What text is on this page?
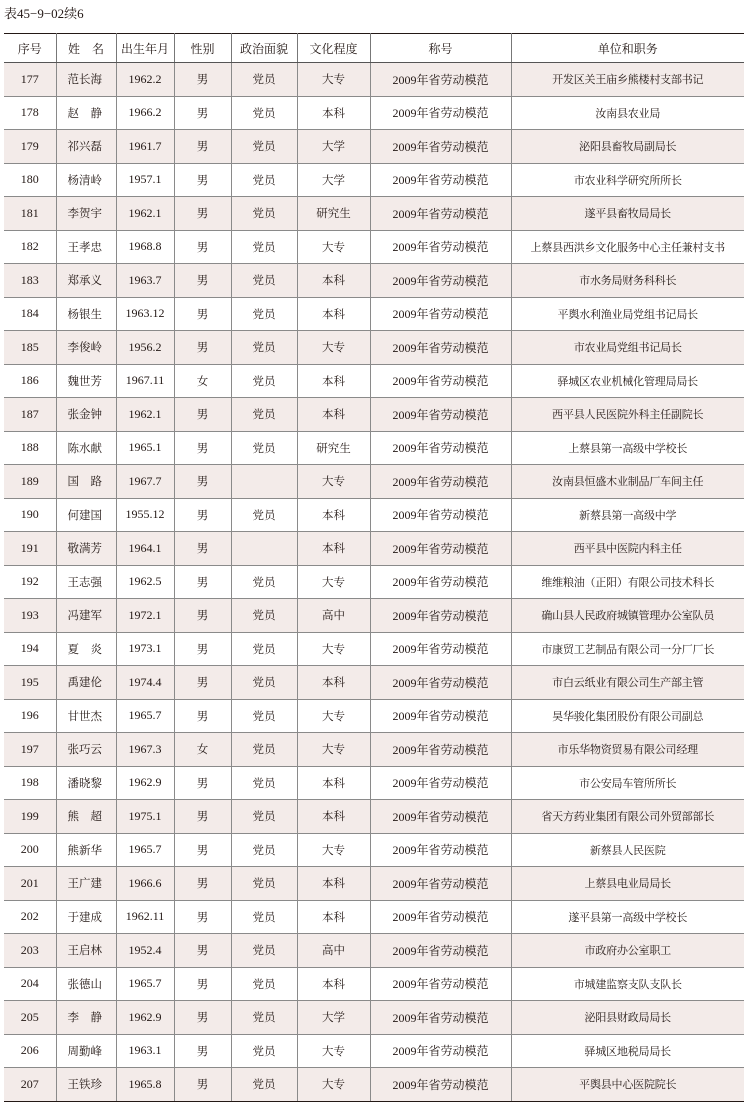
表45−9−02续6
序号	姓　名	出生年月	性别	政治面貌	文化程度	称号	单位和职务
177	范长海	1962.2	男	党员	大专	2009年省劳动模范	开发区关王庙乡熊楼村支部书记
178	赵　静	1966.2	男	党员	本科	2009年省劳动模范	汝南县农业局
179	祁兴磊	1961.7	男	党员	大学	2009年省劳动模范	泌阳县畜牧局副局长
180	杨清岭	1957.1	男	党员	大学	2009年省劳动模范	市农业科学研究所所长
181	李贺宇	1962.1	男	党员	研究生	2009年省劳动模范	遂平县畜牧局局长
182	王孝忠	1968.8	男	党员	大专	2009年省劳动模范	上蔡县西洪乡文化服务中心主任兼村支书
183	郑承义	1963.7	男	党员	本科	2009年省劳动模范	市水务局财务科科长
184	杨银生	1963.12	男	党员	本科	2009年省劳动模范	平舆水利渔业局党组书记局长
185	李俊岭	1956.2	男	党员	大专	2009年省劳动模范	市农业局党组书记局长
186	魏世芳	1967.11	女	党员	本科	2009年省劳动模范	驿城区农业机械化管理局局长
187	张金钟	1962.1	男	党员	本科	2009年省劳动模范	西平县人民医院外科主任副院长
188	陈水献	1965.1	男	党员	研究生	2009年省劳动模范	上蔡县第一高级中学校长
189	国　路	1967.7	男		大专	2009年省劳动模范	汝南县恒盛木业制品厂车间主任
190	何建国	1955.12	男	党员	本科	2009年省劳动模范	新蔡县第一高级中学
191	敬满芳	1964.1	男		本科	2009年省劳动模范	西平县中医院内科主任
192	王志强	1962.5	男	党员	大专	2009年省劳动模范	维维粮油（正阳）有限公司技术科长
193	冯建军	1972.1	男	党员	高中	2009年省劳动模范	确山县人民政府城镇管理办公室队员
194	夏　炎	1973.1	男	党员	大专	2009年省劳动模范	市康贸工艺制品有限公司一分厂厂长
195	禹建伦	1974.4	男	党员	本科	2009年省劳动模范	市白云纸业有限公司生产部主管
196	甘世杰	1965.7	男	党员	大专	2009年省劳动模范	昊华骏化集团股份有限公司副总
197	张巧云	1967.3	女	党员	大专	2009年省劳动模范	市乐华物资贸易有限公司经理
198	潘晓黎	1962.9	男	党员	本科	2009年省劳动模范	市公安局车管所所长
199	熊　超	1975.1	男	党员	本科	2009年省劳动模范	省天方药业集团有限公司外贸部部长
200	熊新华	1965.7	男	党员	大专	2009年省劳动模范	新蔡县人民医院
201	王广建	1966.6	男	党员	本科	2009年省劳动模范	上蔡县电业局局长
202	于建成	1962.11	男	党员	本科	2009年省劳动模范	遂平县第一高级中学校长
203	王启林	1952.4	男	党员	高中	2009年省劳动模范	市政府办公室职工
204	张德山	1965.7	男	党员	本科	2009年省劳动模范	市城建监察支队支队长
205	李　静	1962.9	男	党员	大学	2009年省劳动模范	泌阳县财政局局长
206	周勤峰	1963.1	男	党员	大专	2009年省劳动模范	驿城区地税局局长
207	王铁珍	1965.8	男	党员	大专	2009年省劳动模范	平舆县中心医院院长
